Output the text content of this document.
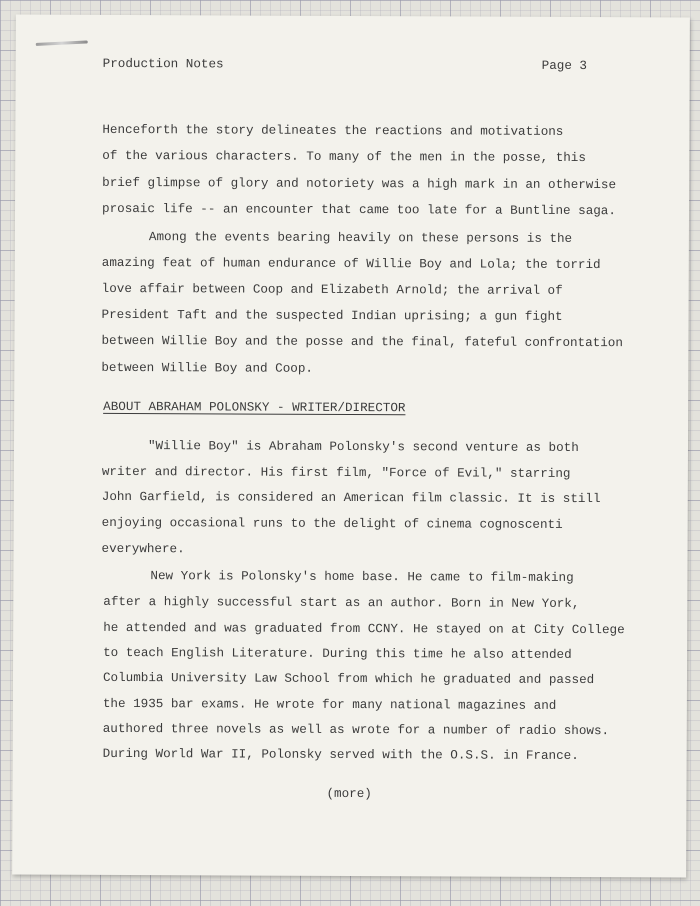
Production Notes	Page 3
Henceforth the story delineates the reactions and motivations
of the various characters. To many of the men in the posse, this
brief glimpse of glory and notoriety was a high mark in an otherwise
prosaic life -- an encounter that came too late for a Buntline saga.
Among the events bearing heavily on these persons is the
amazing feat of human endurance of Willie Boy and Lola; the torrid
love affair between Coop and Elizabeth Arnold; the arrival of
President Taft and the suspected Indian uprising; a gun fight
between Willie Boy and the posse and the final, fateful confrontation
between Willie Boy and Coop.
ABOUT ABRAHAM POLONSKY - WRITER/DIRECTOR
"Willie Boy" is Abraham Polonsky's second venture as both
writer and director. His first film, "Force of Evil," starring
John Garfield, is considered an American film classic. It is still
enjoying occasional runs to the delight of cinema cognoscenti
everywhere.
New York is Polonsky's home base. He came to film-making
after a highly successful start as an author. Born in New York,
he attended and was graduated from CCNY. He stayed on at City College
to teach English Literature. During this time he also attended
Columbia University Law School from which he graduated and passed
the 1935 bar exams. He wrote for many national magazines and
authored three novels as well as wrote for a number of radio shows.
During World War II, Polonsky served with the O.S.S. in France.
(more)
